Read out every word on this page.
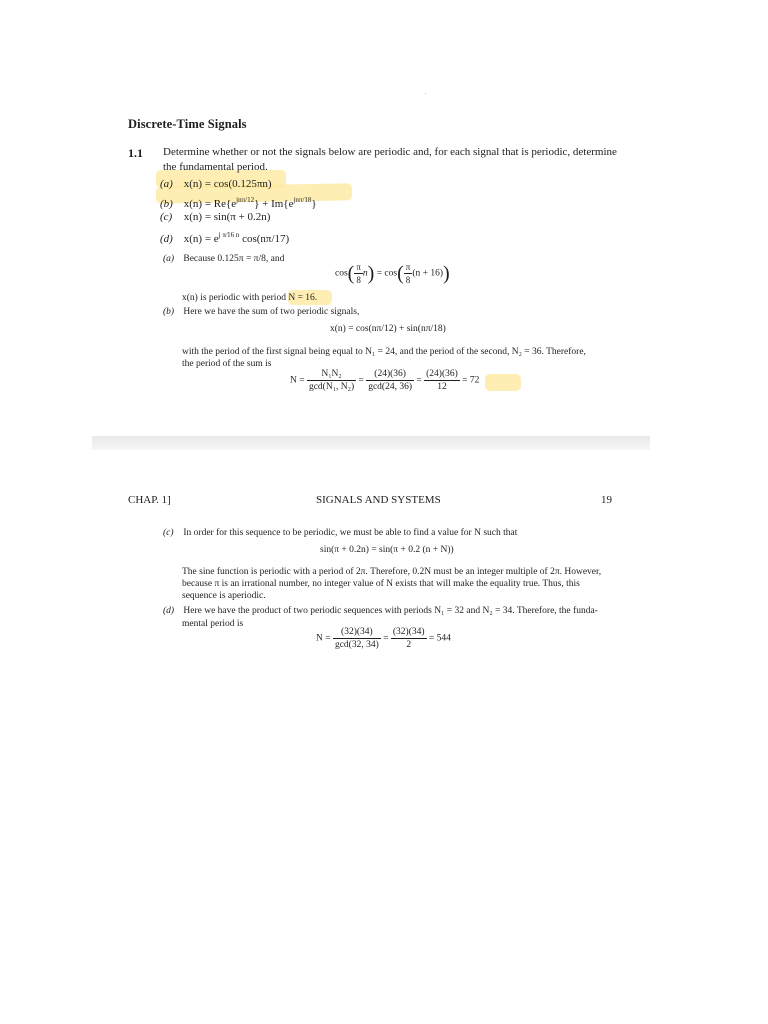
Discrete-Time Signals
1.1 Determine whether or not the signals below are periodic and, for each signal that is periodic, determine the fundamental period.
(a) x(n) = cos(0.125πn)
(b) $x(n) = Re\{e^{jn\pi/12}\} + Im\{e^{jn\pi/18}\}$
(c) x(n) = sin(π + 0.2n)
(d) $x(n) = e^{j \pi⁄16 n}$ cos(nπ/17)
(a) Because 0.125π = π/8, and
$\cos( \frac{\pi}{8} n) = \cos( \frac{\pi}{8} (n + 16))$
x(n) is periodic with period N = 16.
(b) Here we have the sum of two periodic signals,
x(n) = cos(nπ/12) + sin(nπ/18)
with the period of the first signal being equal to N₁ = 24, and the period of the second, N₂ = 36. Therefore,
the period of the sum is
$N = \frac{\text{N₁N₂}}{\text{gcd(N₁, N₂)}} = \frac{(24)(36)}{\gcd(24, 36)} = \frac{(24)(36)}{12} = 72$
CHAP. 1]	SIGNALS AND SYSTEMS	19
(c) In order for this sequence to be periodic, we must be able to find a value for N such that
sin(π + 0.2n) = sin(π + 0.2 (n + N))
The sine function is periodic with a period of 2π. Therefore, 0.2N must be an integer multiple of 2π. However,
because π is an irrational number, no integer value of N exists that will make the equality true. Thus, this
sequence is aperiodic.
(d) Here we have the product of two periodic sequences with periods N₁ = 32 and N₂ = 34. Therefore, the funda-
mental period is
$N = \frac{(32)(34)}{\gcd(32, 34)} = \frac{(32)(34)}{2} = 544$
